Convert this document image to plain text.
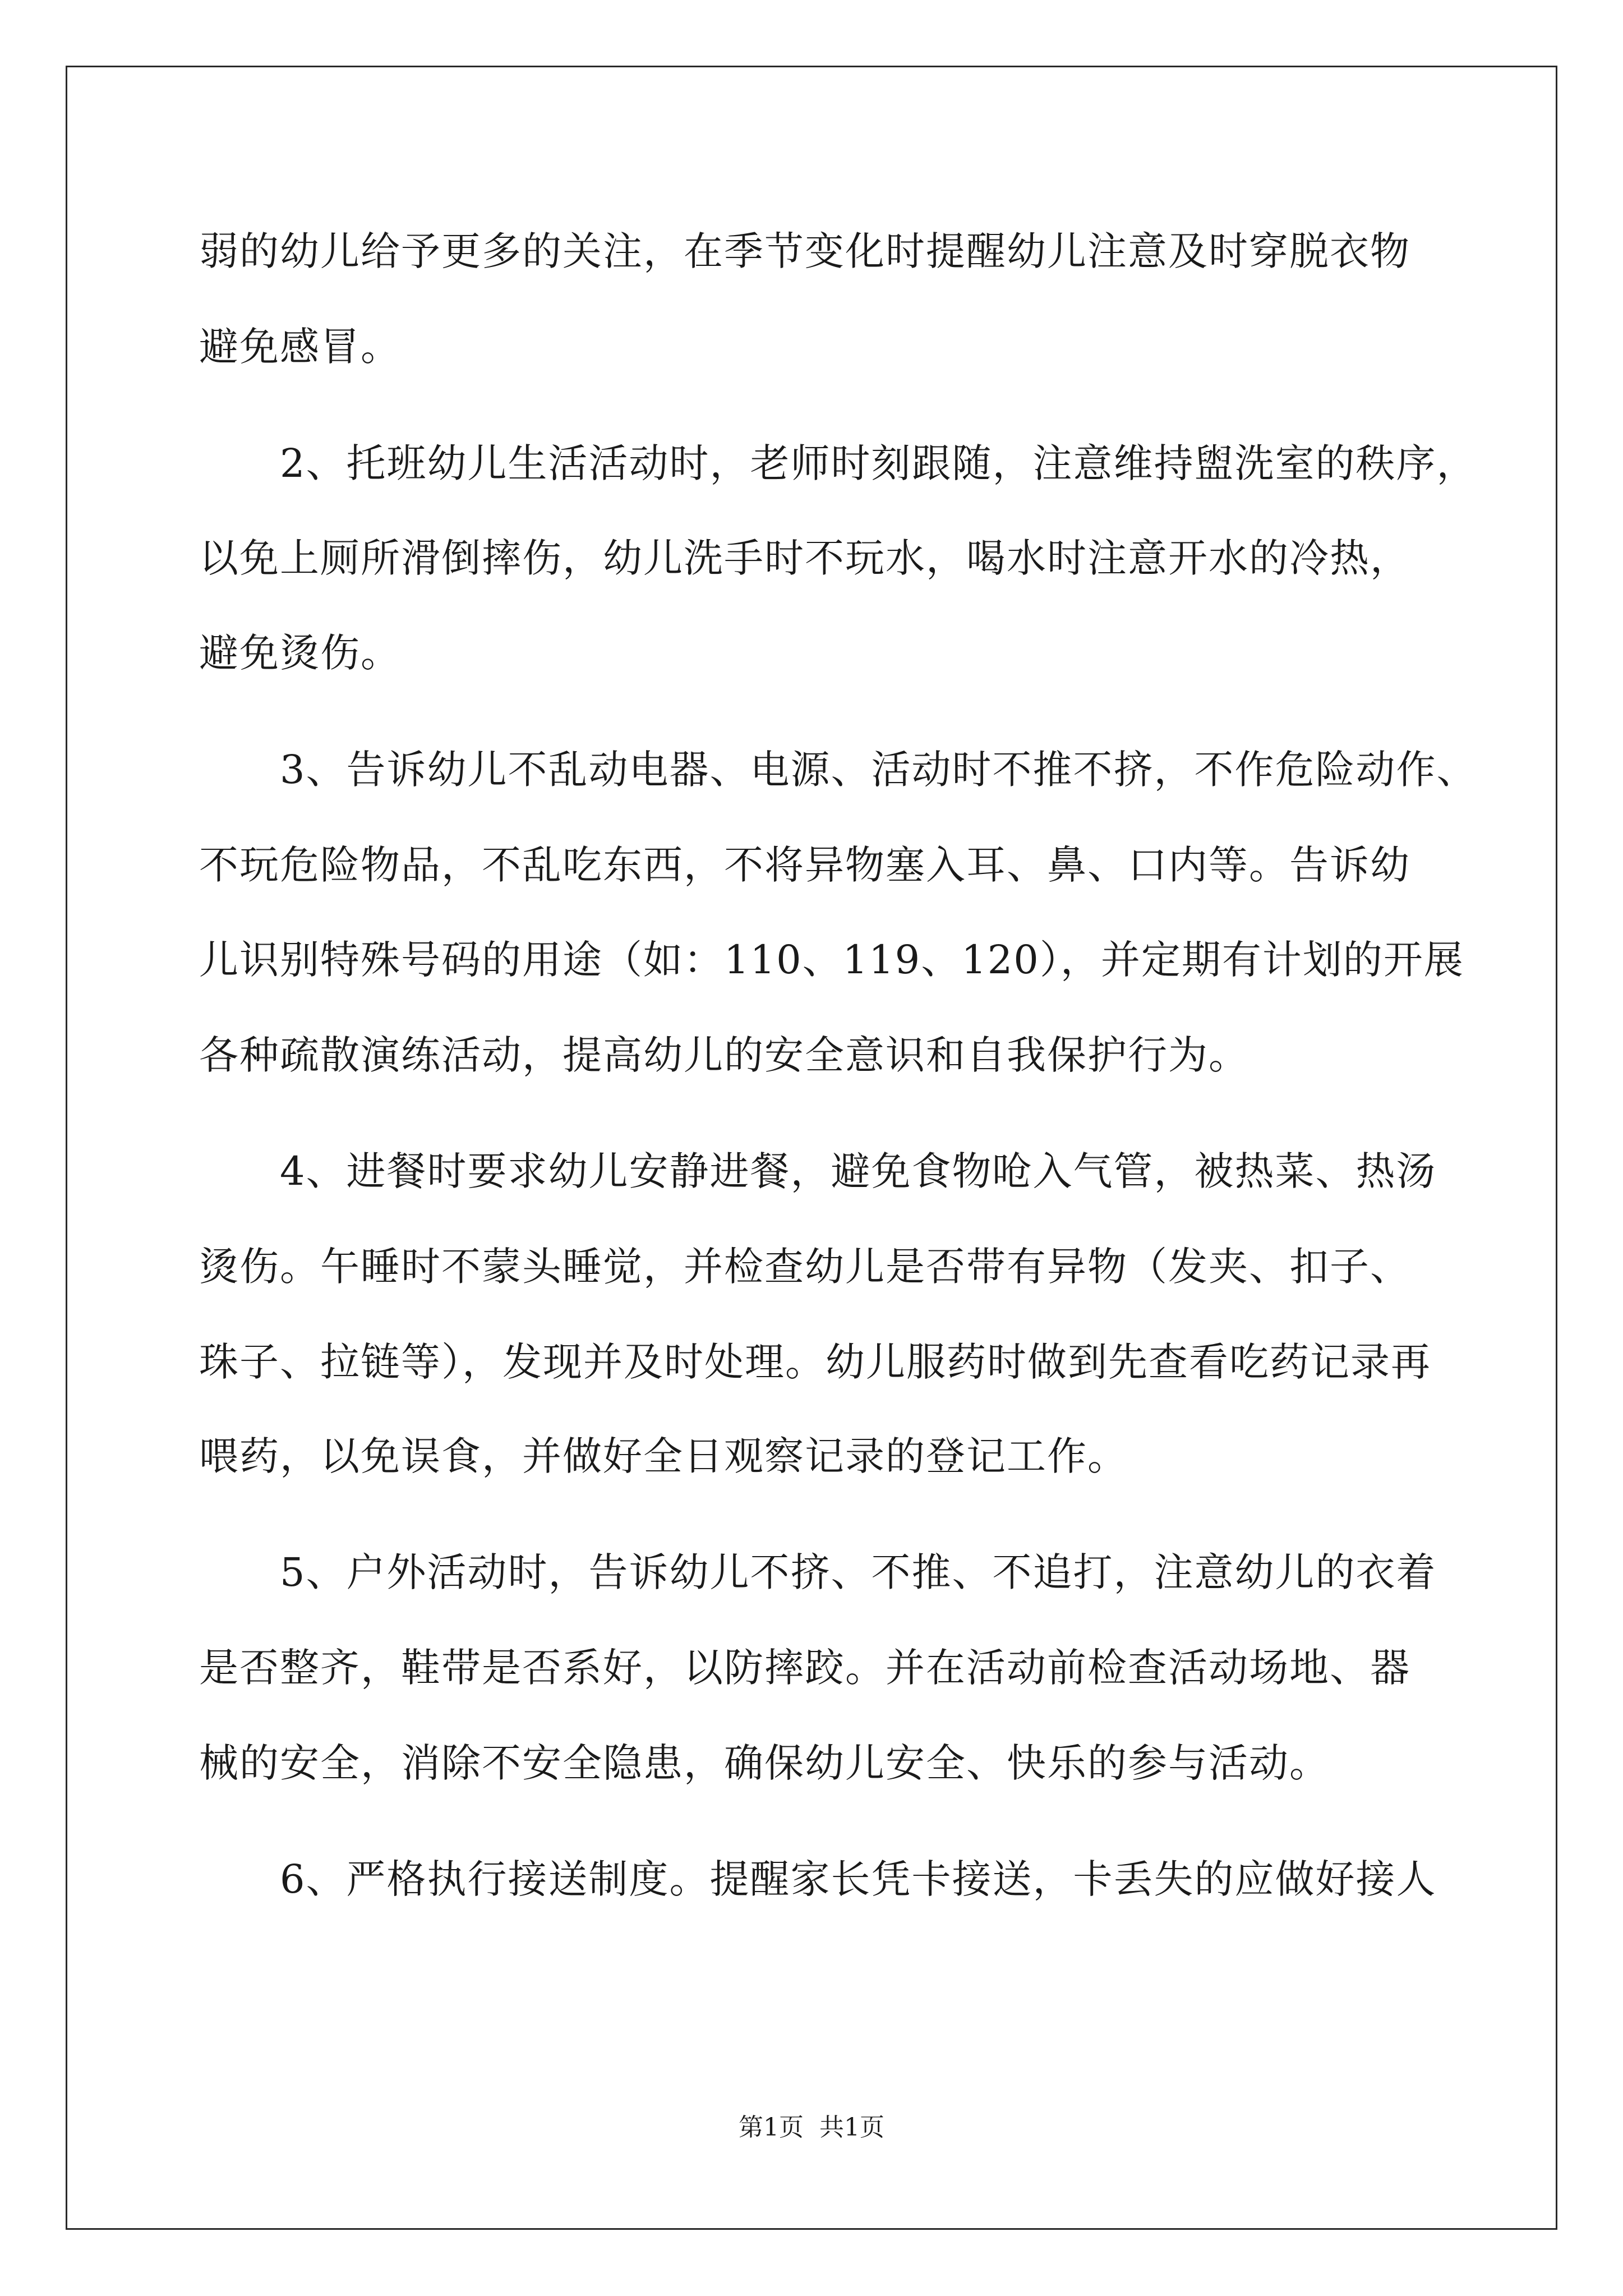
弱的幼儿给予更多的关注，在季节变化时提醒幼儿注意及时穿脱衣物
避免感冒。
　　2、托班幼儿生活活动时，老师时刻跟随，注意维持盥洗室的秩序，
以免上厕所滑倒摔伤，幼儿洗手时不玩水，喝水时注意开水的冷热，
避免烫伤。
　　3、告诉幼儿不乱动电器、电源、活动时不推不挤，不作危险动作、
不玩危险物品，不乱吃东西，不将异物塞入耳、鼻、口内等。告诉幼
儿识别特殊号码的用途（如：110、119、120），并定期有计划的开展
各种疏散演练活动，提高幼儿的安全意识和自我保护行为。
　　4、进餐时要求幼儿安静进餐，避免食物呛入气管，被热菜、热汤
烫伤。午睡时不蒙头睡觉，并检查幼儿是否带有异物（发夹、扣子、
珠子、拉链等），发现并及时处理。幼儿服药时做到先查看吃药记录再
喂药，以免误食，并做好全日观察记录的登记工作。
　　5、户外活动时，告诉幼儿不挤、不推、不追打，注意幼儿的衣着
是否整齐，鞋带是否系好，以防摔跤。并在活动前检查活动场地、器
械的安全，消除不安全隐患，确保幼儿安全、快乐的参与活动。
　　6、严格执行接送制度。提醒家长凭卡接送，卡丢失的应做好接人
第1页  共1页
